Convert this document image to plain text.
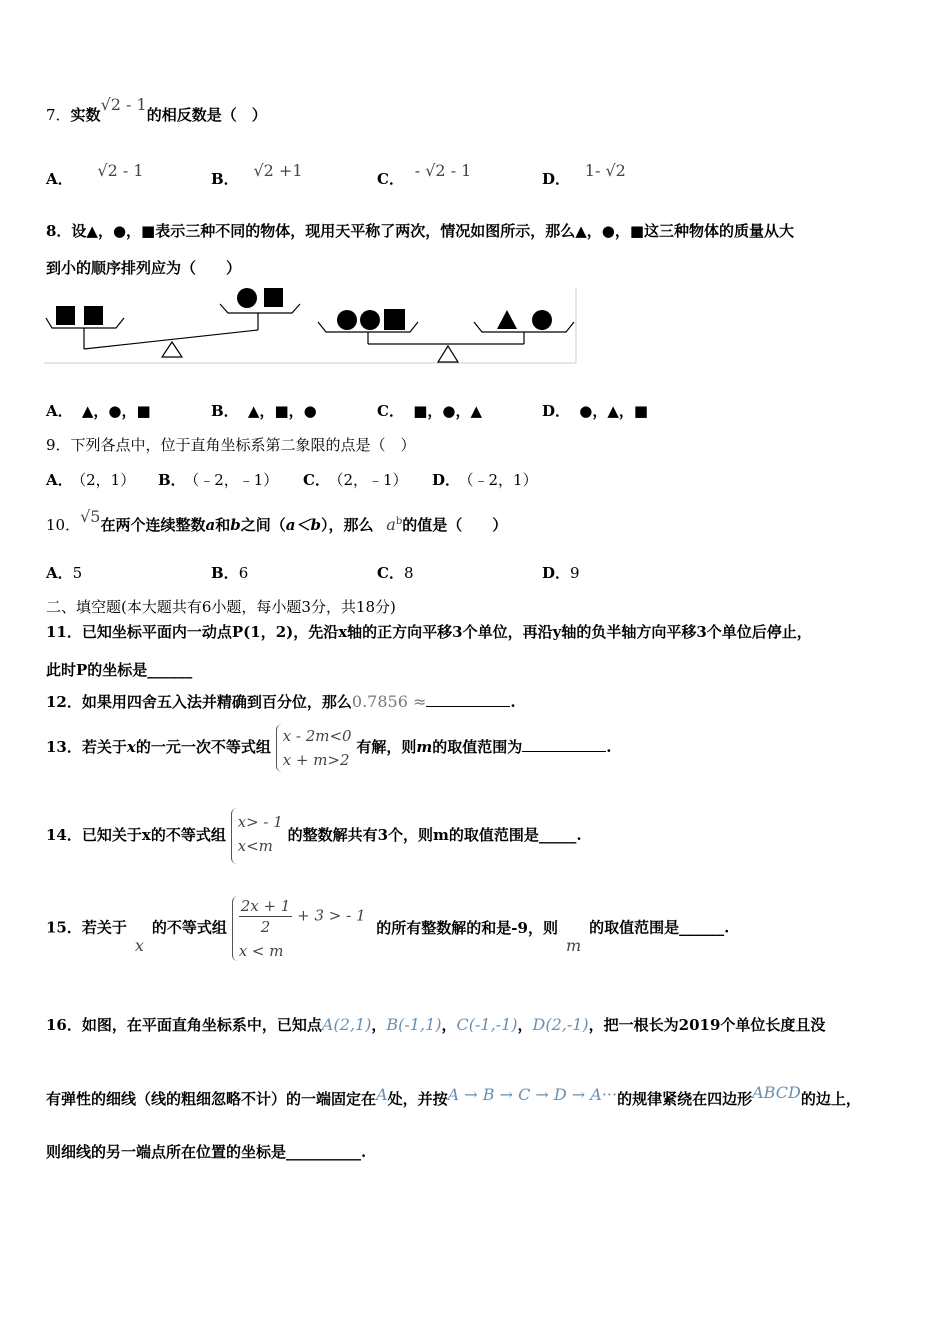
7．实数√2 - 1的相反数是（　）
A． √2 - 1	B． √2 +1	C． - √2 - 1	D． 1- √2
8．设▲，●，■表示三种不同的物体，现用天平称了两次，情况如图所示，那么▲，●，■这三种物体的质量从大
到小的顺序排列应为（　　）
A． ▲，●，■	B． ▲，■，●	C． ■，●，▲	D． ●，▲，■
9．下列各点中，位于直角坐标系第二象限的点是（　）
A． （2，1） B． （﹣2，﹣1） C． （2，﹣1） D． （﹣2，1）
10．√5在两个连续整数a和b之间（a＜b），那么 $a^b$的值是（　　）
A．5	B．6	C．8	D．9
二、填空题(本大题共有6小题，每小题3分，共18分)
11．已知坐标平面内一动点P(1，2)，先沿x轴的正方向平移3个单位，再沿y轴的负半轴方向平移3个单位后停止，
此时P的坐标是______
12．如果用四舍五入法并精确到百分位，那么0.7856 ≈	.
13．若关于x的一元一次不等式组
x - 2m<0
x + m>2
有解，则m的取值范围为	.
14．已知关于x的不等式组
x> - 1
x<m
的整数解共有3个，则m的取值范围是_____.
15．若关于x的不等式组 $\frac{2x + 1}{2} + 3$ > - 1
x < m
的所有整数解的和是-9，则m的取值范围是______.
16．如图，在平面直角坐标系中，已知点A(2,1)，B(-1,1)，C(-1,-1)，D(2,-1)，把一根长为2019个单位长度且没
有弹性的细线（线的粗细忽略不计）的一端固定在A处，并按A → B → C → D → A···的规律紧绕在四边形ABCD的边上，
则细线的另一端点所在位置的坐标是__________.
